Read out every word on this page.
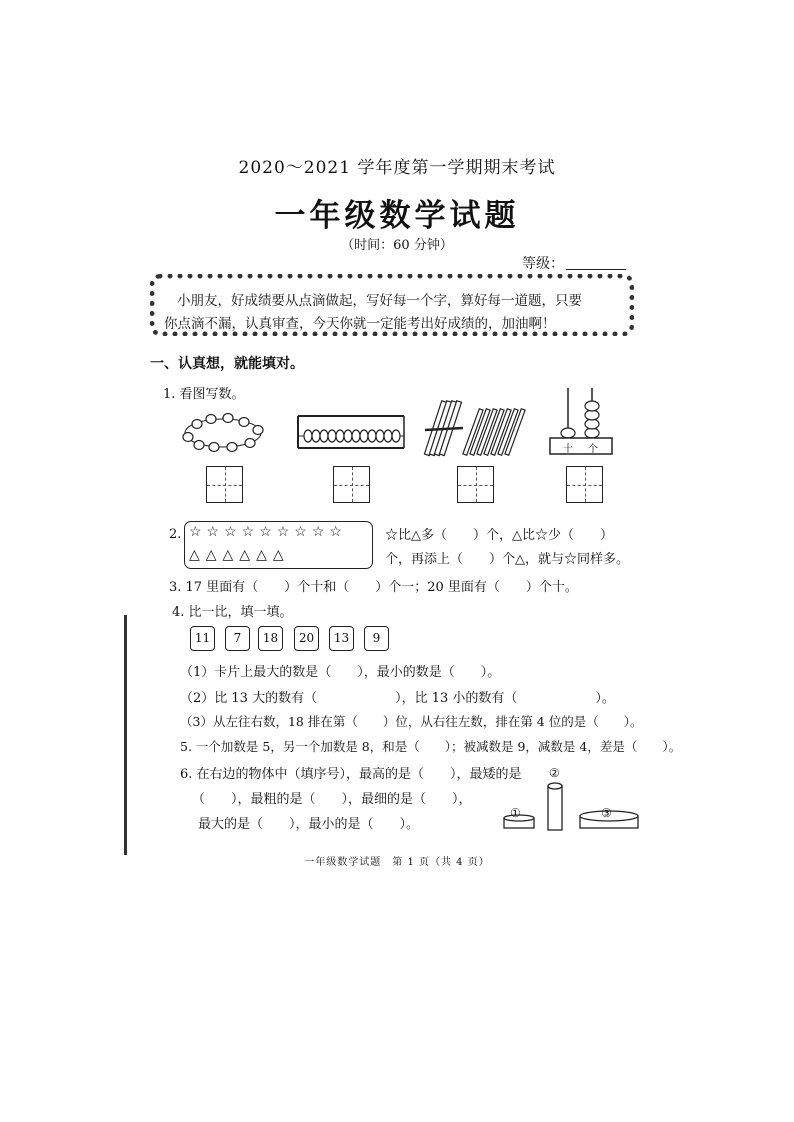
2020～2021 学年度第一学期期末考试
一年级数学试题
（时间：60 分钟）
等级：
小朋友，好成绩要从点滴做起，写好每一个字，算好每一道题，只要
你点滴不漏，认真审查，今天你就一定能考出好成绩的，加油啊！
一、认真想，就能填对。
1. 看图写数。
十 个
2. ☆☆☆☆☆☆☆☆☆
△△△△△△
☆比△多（　　）个，△比☆少（　　）
个，再添上（　　）个△，就与☆同样多。
3. 17 里面有（　　）个十和（　　）个一；20 里面有（　　）个十。
4. 比一比，填一填。
11	7	18	20	13	9
（1）卡片上最大的数是（　　），最小的数是（　　）。
（2）比 13 大的数有（　　　　　　），比 13 小的数有（　　　　　　）。
（3）从左往右数，18 排在第（　　）位，从右往左数，排在第 4 位的是（　　）。
5. 一个加数是 5，另一个加数是 8，和是（　　）；被减数是 9，减数是 4，差是（　　）。
6. 在右边的物体中（填序号），最高的是（　　），最矮的是
（　　），最粗的是（　　），最细的是（　　），
最大的是（　　），最小的是（　　）。
①
②
③
一年级数学试题　第 1 页（共 4 页）
